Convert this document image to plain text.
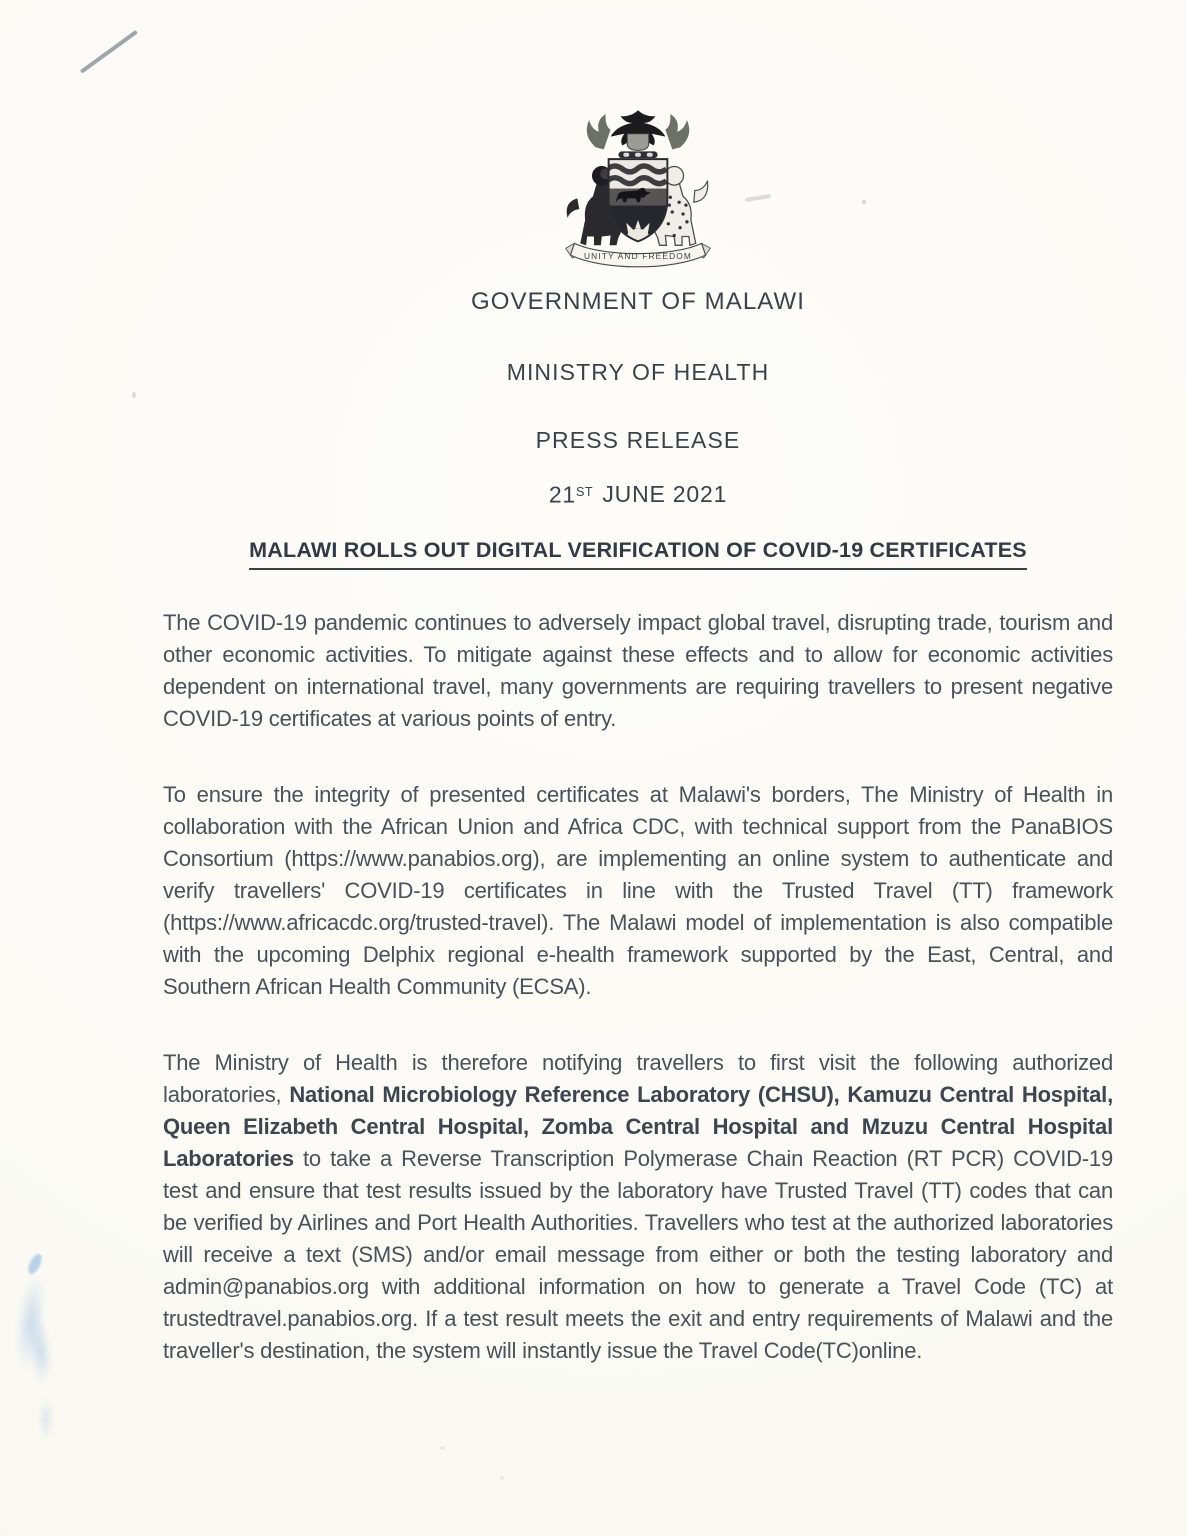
UNITY AND FREEDOM
GOVERNMENT OF MALAWI
MINISTRY OF HEALTH
PRESS RELEASE
21ST JUNE 2021
MALAWI ROLLS OUT DIGITAL VERIFICATION OF COVID-19 CERTIFICATES

The COVID-19 pandemic continues to adversely impact global travel, disrupting trade, tourism and other economic activities. To mitigate against these effects and to allow for economic activities dependent on international travel, many governments are requiring travellers to present negative COVID-19 certificates at various points of entry.

To ensure the integrity of presented certificates at Malawi's borders, The Ministry of Health in collaboration with the African Union and Africa CDC, with technical support from the PanaBIOS Consortium (https://www.panabios.org), are implementing an online system to authenticate and verify travellers' COVID-19 certificates in line with the Trusted Travel (TT) framework (https://www.africacdc.org/trusted-travel). The Malawi model of implementation is also compatible with the upcoming Delphix regional e-health framework supported by the East, Central, and Southern African Health Community (ECSA).

The Ministry of Health is therefore notifying travellers to first visit the following authorized laboratories, National Microbiology Reference Laboratory (CHSU), Kamuzu Central Hospital, Queen Elizabeth Central Hospital, Zomba Central Hospital and Mzuzu Central Hospital Laboratories to take a Reverse Transcription Polymerase Chain Reaction (RT PCR) COVID-19 test and ensure that test results issued by the laboratory have Trusted Travel (TT) codes that can be verified by Airlines and Port Health Authorities. Travellers who test at the authorized laboratories will receive a text (SMS) and/or email message from either or both the testing laboratory and admin@panabios.org with additional information on how to generate a Travel Code (TC) at trustedtravel.panabios.org. If a test result meets the exit and entry requirements of Malawi and the traveller's destination, the system will instantly issue the Travel Code(TC)online.
